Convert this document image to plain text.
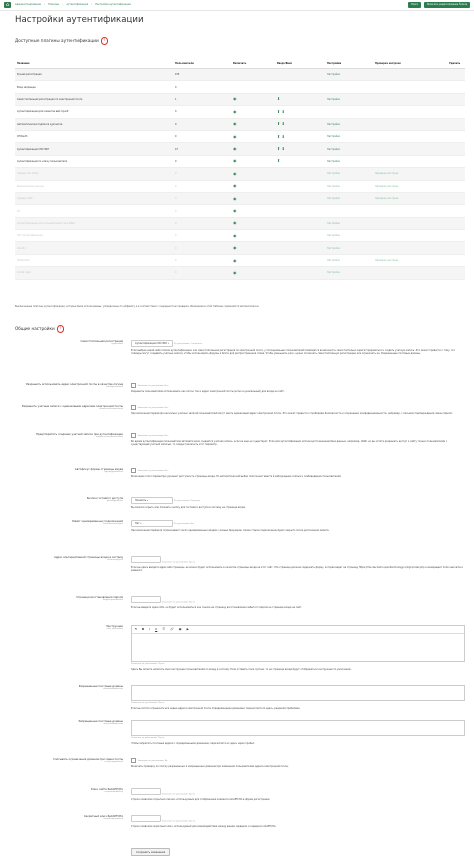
⌂	Администрирование › Плагины › Аутентификация › Настройка аутентификации	Поиск	Включить редактирование блоков
Настройки аутентификации
Доступные плагины аутентификации	?
Название	Пользователи	Включить	Вверх/Вниз	Настройки	Проверка настроек	Удалить
Ручная регистрация	155			Настройки		
Вход запрещен	0					
Самостоятельная регистрация по электронной почте	1	◉	⬇	Настройки		
Аутентификация для клиентов веб-служб	0	◉	⬆ ⬇			
Автоматическая подписка курсантов	0	◉	⬆ ⬇	Настройки		
OTOAuth	0	◉	⬆ ⬇	Настройки		
Аутентификация СЭО ЗКЛ	47	◉	⬆ ⬇	Настройки		
Аутентификация по ключу пользователя	0	◉	⬆	Настройки		
Сервер CAS (SSO)	0	◉		Настройки	Проверка настроек	
Внешняя база данных	0	◉		Настройки	Проверка настроек	
Сервер LDAP	0	◉		Настройки	Проверка настроек	
LTI	0	◉				
Аутентификация для пользователей сети MNet	0	◉		Настройки		
Нет аутентификации	0	◉		Настройки		
OAuth 2	0	◉		Настройки		
Shibboleth	0	◉		Настройки	Проверка настроек	
Unikal Login	0	◉		Настройки		
Выключенные плагины аутентификации, которые были использованы, упорядочены по алфавиту и в соответствии с очередностью проверки. Изменения в этой таблице сохраняются автоматически.
Общие настройки	?
Самостоятельная регистрация
registerauth	Аутентификация СЭО ЗКЛ ▾	По умолчанию: Отключить
Если выбран какой-либо плагин аутентификации, как самостоятельная регистрация по электронной почте, у потенциальных пользователей появляется возможность самостоятельно зарегистрироваться и создать учетную запись. Это может привести к тому, что спамеры могут создавать учетные записи, чтобы использовать форумы и блоги для распространения спама. Чтобы уменьшить риск, нужно отключить самостоятельную регистрацию или ограничить ее. Разрешенные почтовые домены.
Разрешить использовать адрес электронной почты в качестве логина
authloginviaemail
Значение по умолчанию: Нет
Разрешить пользователям использовать как логин, так и адрес электронной почты (если он уникальный) для входа на сайт.
Разрешить учетные записи с одинаковыми адресами электронной почты
allowaccountssameemail
Значение по умолчанию: Нет
При включении параметра несколько учетных записей пользователей могут иметь одинаковый адрес электронной почты. Это может привести к проблемам безопасности и сохранению конфиденциальности, например, с письмом подтверждения смены пароля.
Предотвратить создание учетной записи при аутентификации
authpreventaccountcreation
Значение по умолчанию: Нет
Во время аутентификации пользователя автоматически создается учетная запись, если ее еще не существует. Если для аутентификации используется внешняя база данных, например, LDAP, но вы хотите разрешить доступ к сайту только пользователям с существующей учетной записью, то следует включить этот параметр.
Автофокус формы страницы входа
loginpageautofocus
Значение по умолчанию: Нет
Включение этого параметра улучшает доступность страницы входа. Но автоматический выбор поля может ввести в заблуждение слепых и слабовидящих пользователей.
Кнопка гостевого доступа
guestloginbutton	Показать ▾	По умолчанию: Показать
Вы можете скрыть или показать кнопку для гостевого доступа в систему на странице входа.
Лимит одновременных подключений
limitconcurrentlogins	Нет ▾	По умолчанию: Нет
При включении параметр ограничивает число одновременных входов с разных браузеров. Самое старое подключение будет закрыто после достижения лимита.
Адрес альтернативной страницы входа в систему
alternateloginurl
Значение по умолчанию: Пусто
Если вы здесь вводите адрес веб-страницы, ее можно будет использовать в качестве страницы входа на этот сайт. Эта страница должна содержать форму, которая ведет на страницу https://mls-dev.demo.openitechnology.ru/login/index.php и возвращает поля username и password.
Страница восстановления пароля
forgottenpasswordurl
Значение по умолчанию: Пусто
Если вы введете здесь URL, он будет использоваться как ссылка на страницу восстановления забытого пароля на странице входа на сайт.
Инструкции
auth_instructions	¶ B I U ☰ 🔗 ▣ ▶
Значение по умолчанию: Пусто
Здесь Вы можете написать свои инструкции пользователям по входу в систему. Если оставить поле пустым, то на странице входа будут отображаться инструкции по умолчанию.
Разрешенные почтовые домены
allowemailaddresses
Значение по умолчанию: Пусто
Если вы хотите ограничить все новые адреса электронной почты определенными доменами, перечислите их здесь, разделяя пробелами.
Запрещенные почтовые домены
denyemailaddresses
Значение по умолчанию: Пусто
Чтобы запретить почтовые адреса с определенными доменами, перечислите их здесь через пробел.
Учитывать ограничения доменов при смене почты
verifychangedemail
Значение по умолчанию: Да
Включить проверку по списку разрешенных и запрещенных доменов при изменении пользователем адреса электронной почты.
Ключ сайта ReCAPTCHA
recaptchapublickey
Значение по умолчанию: Пусто
Строка символов открытым ключом, используемым для отображения элемента reCAPTCHA в форме регистрации.
Секретный ключ ReCAPTCHA
recaptchaprivatekey
Значение по умолчанию: Пусто
Строка символов секретный ключ, используемый для взаимодействия между вашим сервером и сервером reCAPTCHA.
Сохранить изменения
